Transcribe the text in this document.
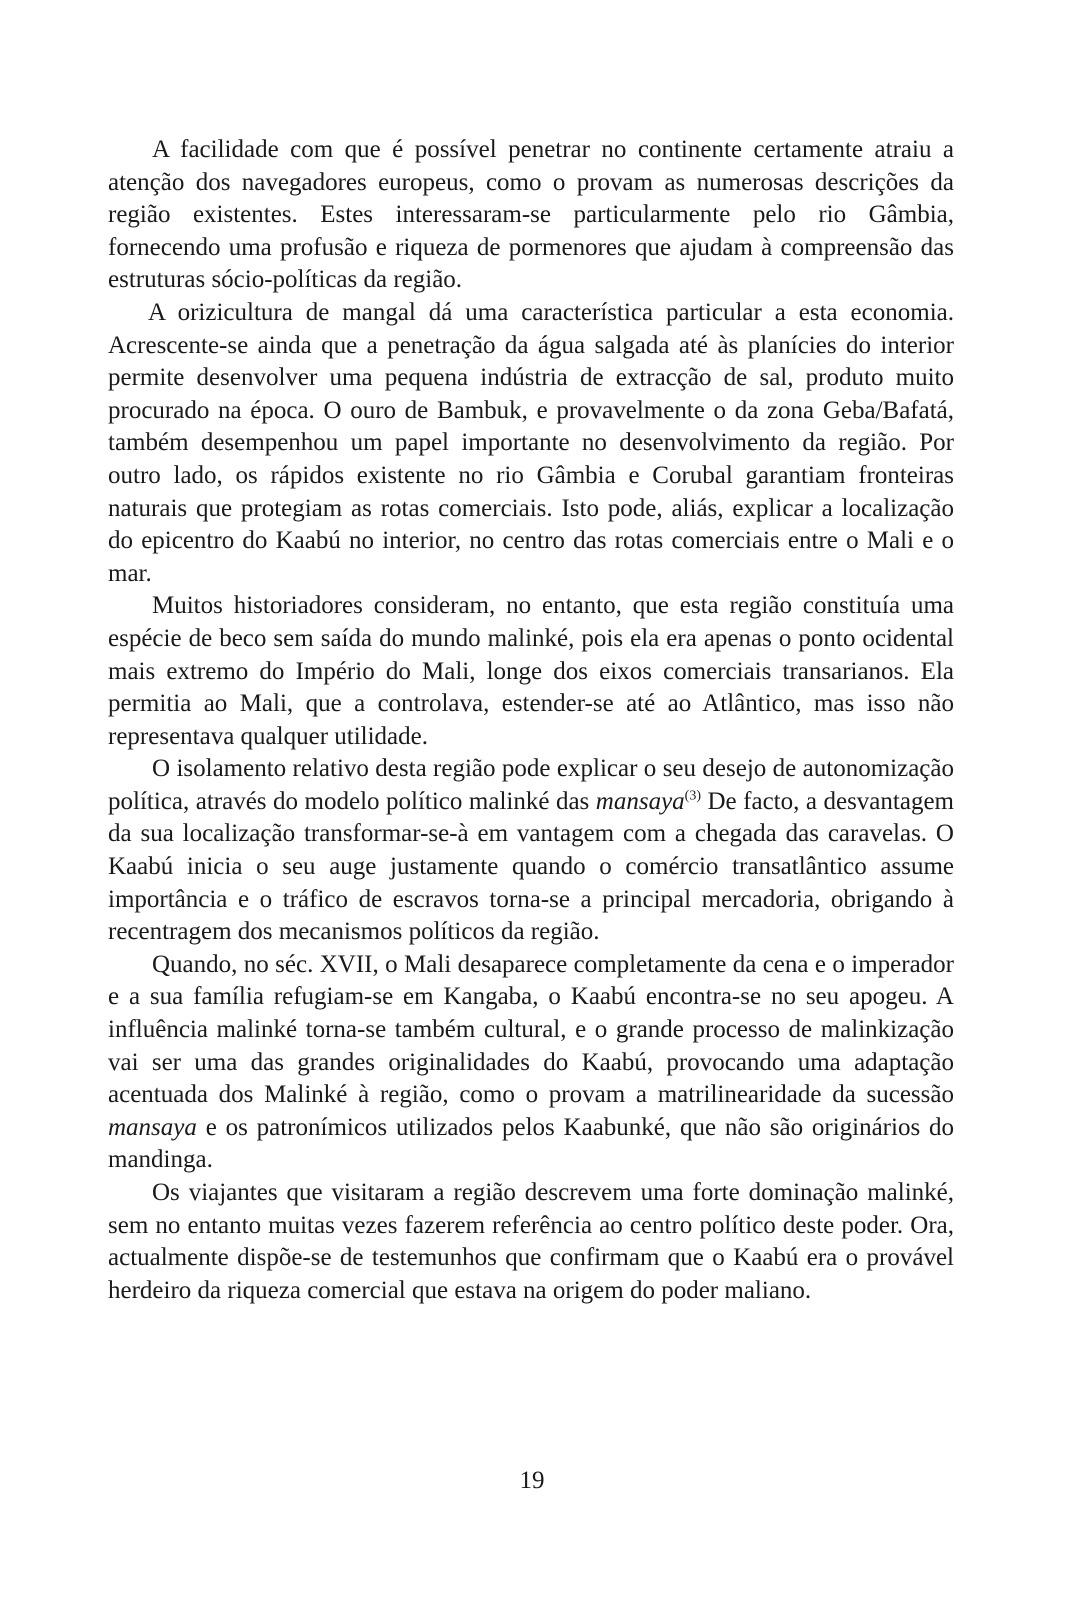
A facilidade com que é possível penetrar no continente certamente atraiu a atenção dos navegadores europeus, como o provam as numerosas descrições da região existentes. Estes interessaram-se particularmente pelo rio Gâmbia, fornecendo uma profusão e riqueza de pormenores que ajudam à compreensão das estruturas sócio-políticas da região.

A orizicultura de mangal dá uma característica particular a esta economia. Acrescente-se ainda que a penetração da água salgada até às planícies do interior permite desenvolver uma pequena indústria de extracção de sal, produto muito procurado na época. O ouro de Bambuk, e provavelmente o da zona Geba/Bafatá, também desempenhou um papel importante no desenvolvimento da região. Por outro lado, os rápidos existente no rio Gâmbia e Corubal garantiam fronteiras naturais que protegiam as rotas comerciais. Isto pode, aliás, explicar a localização do epicentro do Kaabú no interior, no centro das rotas comerciais entre o Mali e o mar.

Muitos historiadores consideram, no entanto, que esta região constituía uma espécie de beco sem saída do mundo malinké, pois ela era apenas o ponto ocidental mais extremo do Império do Mali, longe dos eixos comerciais transarianos. Ela permitia ao Mali, que a controlava, estender-se até ao Atlântico, mas isso não representava qualquer utilidade.

O isolamento relativo desta região pode explicar o seu desejo de autonomização política, através do modelo político malinké das mansaya$^{(3)}$ De facto, a desvantagem da sua localização transformar-se-à em vantagem com a chegada das caravelas. O Kaabú inicia o seu auge justamente quando o comércio transatlântico assume importância e o tráfico de escravos torna-se a principal mercadoria, obrigando à recentragem dos mecanismos políticos da região.

Quando, no séc. XVII, o Mali desaparece completamente da cena e o imperador e a sua família refugiam-se em Kangaba, o Kaabú encontra-se no seu apogeu. A influência malinké torna-se também cultural, e o grande processo de malinkização vai ser uma das grandes originalidades do Kaabú, provocando uma adaptação acentuada dos Malinké à região, como o provam a matrilinearidade da sucessão mansaya e os patronímicos utilizados pelos Kaabunké, que não são originários do mandinga.

Os viajantes que visitaram a região descrevem uma forte dominação malinké, sem no entanto muitas vezes fazerem referência ao centro político deste poder. Ora, actualmente dispõe-se de testemunhos que confirmam que o Kaabú era o provável herdeiro da riqueza comercial que estava na origem do poder maliano.

19
